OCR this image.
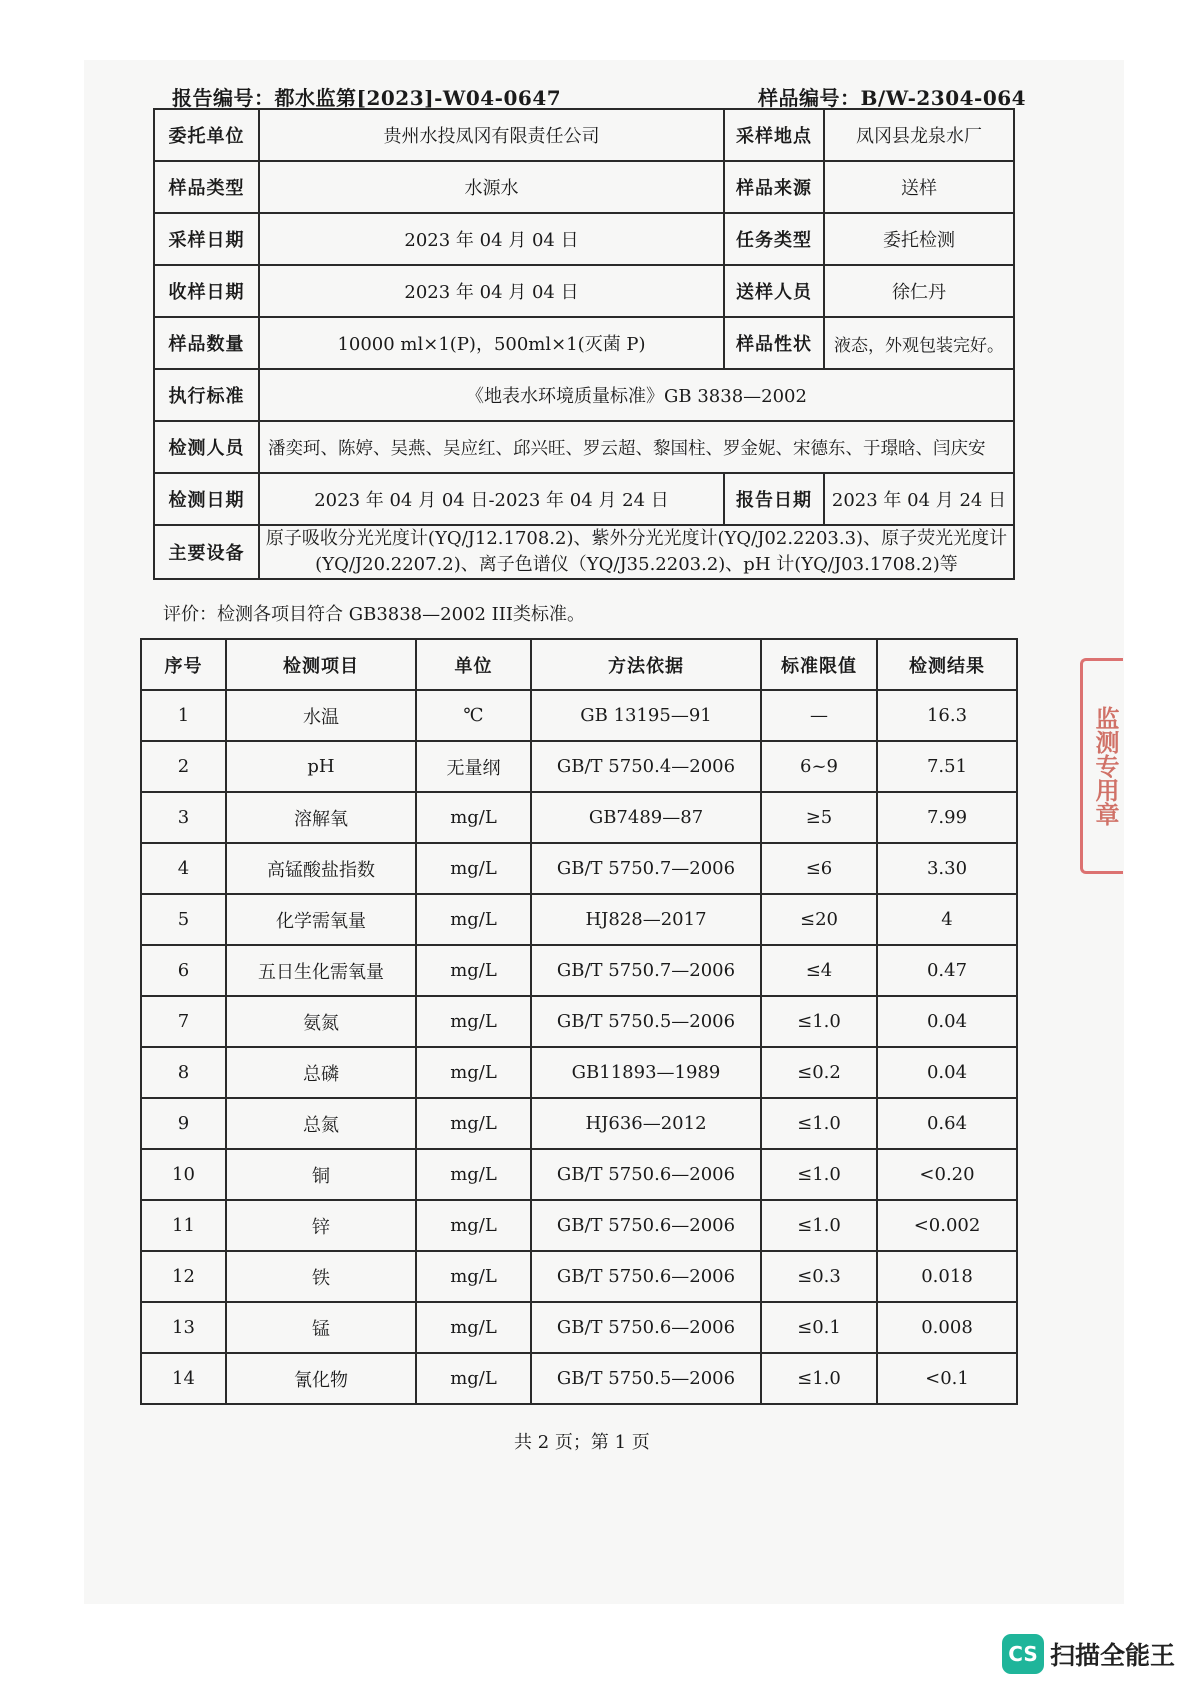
报告编号：都水监第[2023]-W04-0647	样品编号：B/W-2304-064
委托单位	贵州水投凤冈有限责任公司	采样地点	凤冈县龙泉水厂
样品类型	水源水	样品来源	送样
采样日期	2023 年 04 月 04 日	任务类型	委托检测
收样日期	2023 年 04 月 04 日	送样人员	徐仁丹
样品数量	10000 ml×1(P)，500ml×1(灭菌 P)	样品性状	液态，外观包装完好。
执行标准	《地表水环境质量标准》GB 3838—2002		
检测人员	潘奕珂、陈婷、吴燕、吴应红、邱兴旺、罗云超、黎国柱、罗金妮、宋德东、于璟晗、闫庆安		
检测日期	2023 年 04 月 04 日-2023 年 04 月 24 日	报告日期	2023 年 04 月 24 日
主要设备	原子吸收分光光度计(YQ/J12.1708.2)、紫外分光光度计(YQ/J02.2203.3)、原子荧光光度计
(YQ/J20.2207.2)、离子色谱仪（YQ/J35.2203.2)、pH 计(YQ/J03.1708.2)等		
评价：检测各项目符合 GB3838—2002 III类标准。
序号	检测项目	单位	方法依据	标准限值	检测结果
1	水温	℃	GB 13195—91	—	16.3
2	pH	无量纲	GB/T 5750.4—2006	6~9	7.51
3	溶解氧	mg/L	GB7489—87	≥5	7.99
4	高锰酸盐指数	mg/L	GB/T 5750.7—2006	≤6	3.30
5	化学需氧量	mg/L	HJ828—2017	≤20	4
6	五日生化需氧量	mg/L	GB/T 5750.7—2006	≤4	0.47
7	氨氮	mg/L	GB/T 5750.5—2006	≤1.0	0.04
8	总磷	mg/L	GB11893—1989	≤0.2	0.04
9	总氮	mg/L	HJ636—2012	≤1.0	0.64
10	铜	mg/L	GB/T 5750.6—2006	≤1.0	<0.20
11	锌	mg/L	GB/T 5750.6—2006	≤1.0	<0.002
12	铁	mg/L	GB/T 5750.6—2006	≤0.3	0.018
13	锰	mg/L	GB/T 5750.6—2006	≤0.1	0.008
14	氰化物	mg/L	GB/T 5750.5—2006	≤1.0	<0.1
共 2 页；第 1 页
监测专用章
CS 扫描全能王
